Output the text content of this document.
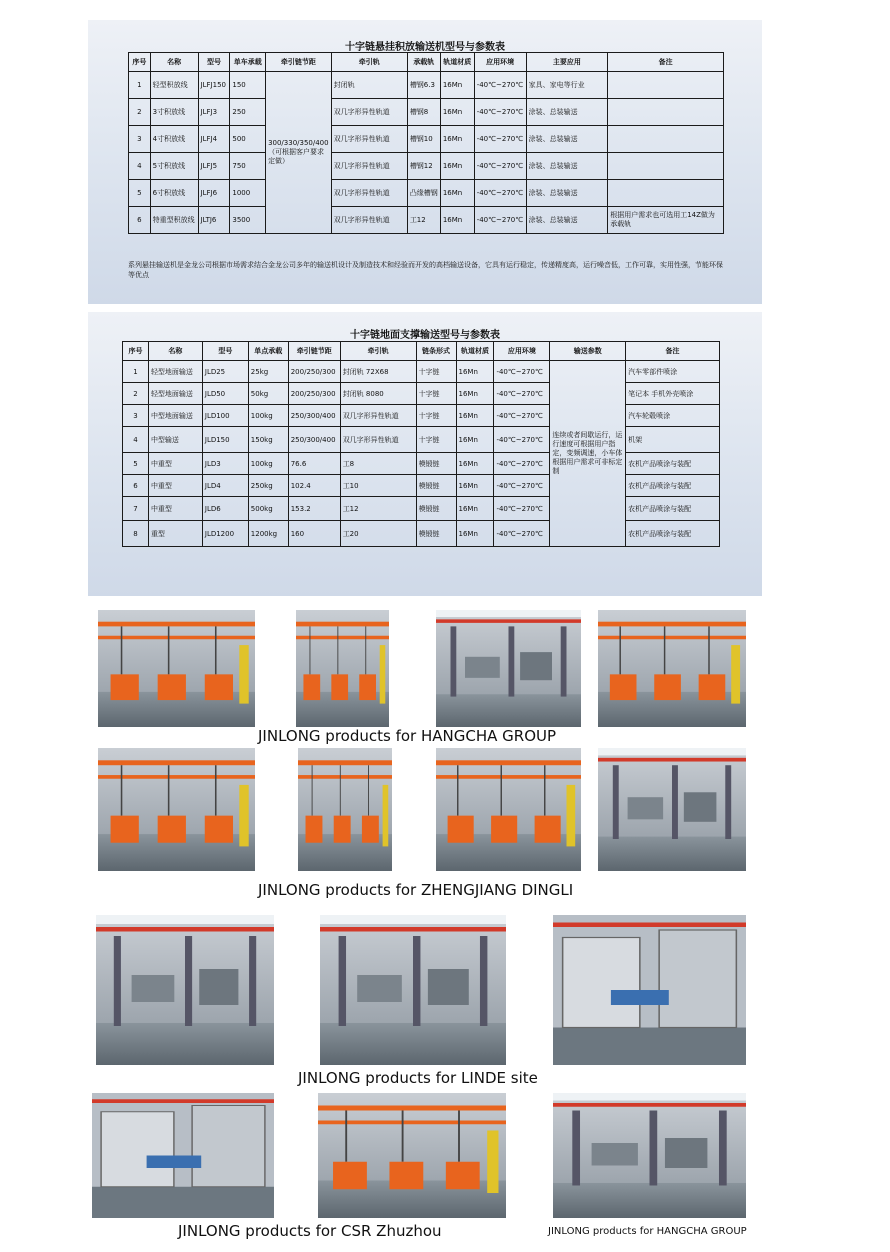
十字链悬挂积放输送机型号与参数表
序号	名称	型号	单车承载	牵引链节距	牵引轨	承载轨	轨道材质	应用环境	主要应用	备注
1	轻型积放线	JLFJ150	150	300/330/350/400（可根据客户要求定做）	封闭轨	槽钢6.3	16Mn	-40℃~270℃	家具、家电等行业	
2	3寸积放线	JLFJ3	250		双几字形异性轨道	槽钢8	16Mn	-40℃~270℃	涂装、总装输送	
3	4寸积放线	JLFJ4	500		双几字形异性轨道	槽钢10	16Mn	-40℃~270℃	涂装、总装输送	
4	5寸积放线	JLFJ5	750		双几字形异性轨道	槽钢12	16Mn	-40℃~270℃	涂装、总装输送	
5	6寸积放线	JLFJ6	1000		双几字形异性轨道	凸缘槽钢	16Mn	-40℃~270℃	涂装、总装输送	
6	特重型积放线	JLTJ6	3500		双几字形异性轨道	工12	16Mn	-40℃~270℃	涂装、总装输送	根据用户需求也可选用工14Z做为承载轨
系列悬挂输送机是金龙公司根据市场需求结合金龙公司多年的输送机设计及制造技术和经验而开发的高档输送设备，它具有运行稳定，传递精度高，运行噪音低，工作可靠，实用性强，节能环保等优点
十字链地面支撑输送型号与参数表
序号	名称	型号	单点承载	牵引链节距	牵引轨	链条形式	轨道材质	应用环境	输送参数	备注
1	轻型地面输送	JLD25	25kg	200/250/300	封闭轨 72X68	十字链	16Mn	-40℃~270℃	连续或者间歇运行，运行速度可根据用户指定，变频调速，小车体根据用户需求可非标定制	汽车零部件喷涂
2	轻型地面输送	JLD50	50kg	200/250/300	封闭轨 8080	十字链	16Mn	-40℃~270℃		笔记本 手机外壳喷涂
3	中型地面输送	JLD100	100kg	250/300/400	双几字形异性轨道	十字链	16Mn	-40℃~270℃		汽车轮毂喷涂
4	中型输送	JLD150	150kg	250/300/400	双几字形异性轨道	十字链	16Mn	-40℃~270℃		机架
5	中重型	JLD3	100kg	76.6	工8	模锻链	16Mn	-40℃~270℃		农机产品喷涂与装配
6	中重型	JLD4	250kg	102.4	工10	模锻链	16Mn	-40℃~270℃		农机产品喷涂与装配
7	中重型	JLD6	500kg	153.2	工12	模锻链	16Mn	-40℃~270℃		农机产品喷涂与装配
8	重型	JLD1200	1200kg	160	工20	模锻链	16Mn	-40℃~270℃		农机产品喷涂与装配
JINLONG products for HANGCHA GROUP
JINLONG products for ZHENGJIANG DINGLI
JINLONG products for LINDE site
JINLONG products for CSR Zhuzhou	JINLONG products for HANGCHA GROUP
